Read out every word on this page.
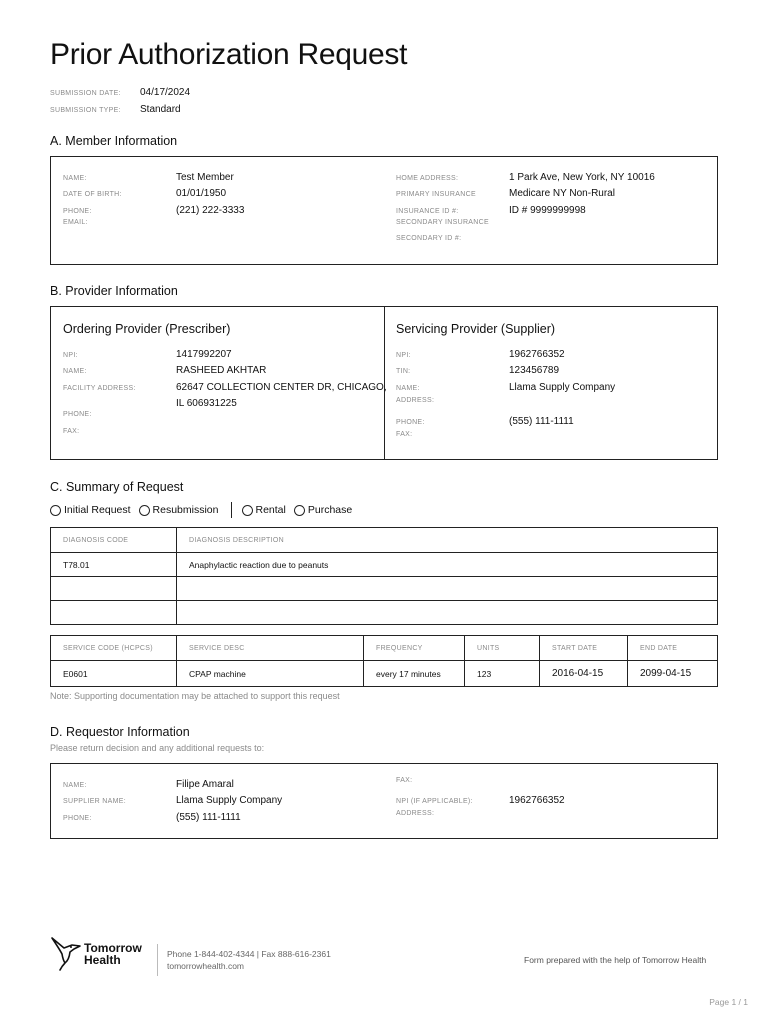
Prior Authorization Request
SUBMISSION DATE:	04/17/2024
SUBMISSION TYPE:	Standard
A. Member Information
NAME:	Test Member
DATE OF BIRTH:	01/01/1950
PHONE:	(221) 222-3333
EMAIL:
HOME ADDRESS:	1 Park Ave, New York, NY 10016
PRIMARY INSURANCE	Medicare NY Non-Rural
INSURANCE ID #:	ID # 9999999998
SECONDARY INSURANCE
SECONDARY ID #:
B. Provider Information
Ordering Provider (Prescriber)
NPI:	1417992207
NAME:	RASHEED AKHTAR
FACILITY ADDRESS:	62647 COLLECTION CENTER DR, CHICAGO,
IL 606931225
PHONE:
FAX:
Servicing Provider (Supplier)
NPI:	1962766352
TIN:	123456789
NAME:	Llama Supply Company
ADDRESS:
PHONE:	(555) 111-1111
FAX:
C. Summary of Request
Initial Request Resubmission	Rental Purchase
DIAGNOSIS CODE	DIAGNOSIS DESCRIPTION
T78.01	Anaphylactic reaction due to peanuts

SERVICE CODE (HCPCS)	SERVICE DESC	FREQUENCY	UNITS	START DATE	END DATE
E0601	CPAP machine	every 17 minutes	123	2016-04-15	2099-04-15
Note: Supporting documentation may be attached to support this request
D. Requestor Information
Please return decision and any additional requests to:
NAME:	Filipe Amaral
SUPPLIER NAME:	Llama Supply Company
PHONE:	(555) 111-1111
FAX:
NPI (IF APPLICABLE):	1962766352
ADDRESS:
Tomorrow
Health	Phone 1-844-402-4344 | Fax 888-616-2361
tomorrowhealth.com
Form prepared with the help of Tomorrow Health
Page 1 / 1
